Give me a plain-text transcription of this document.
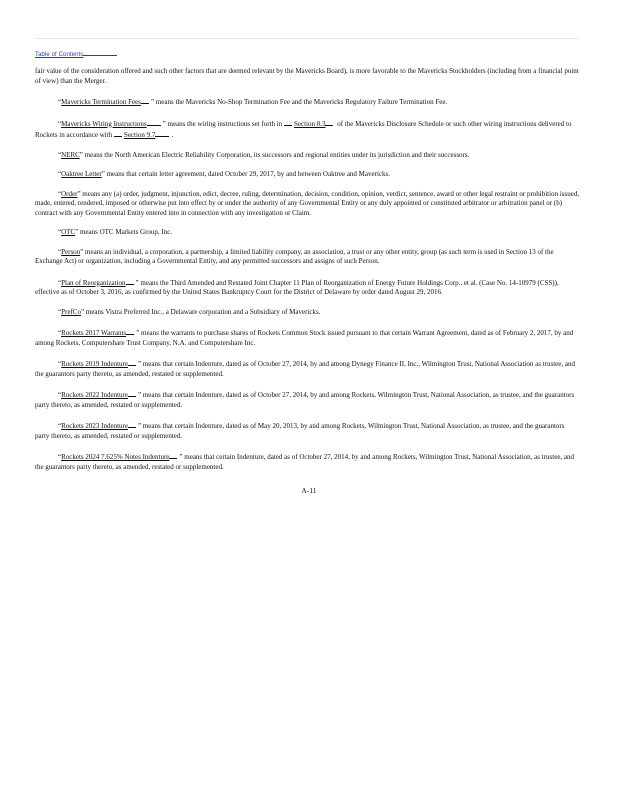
Table of Contents

fair value of the consideration offered and such other factors that are deemed relevant by the Mavericks Board), is more favorable to the Mavericks Stockholders (including from a financial point of view) than the Merger.

“Mavericks Termination Fees ” means the Mavericks No-Shop Termination Fee and the Mavericks Regulatory Failure Termination Fee.

“Mavericks Wiring Instructions ” means the wiring instructions set forth in Section 8.3 of the Mavericks Disclosure Schedule or such other wiring instructions delivered to Rockets in accordance with Section 9.7 .

“NERC” means the North American Electric Reliability Corporation, its successors and regional entities under its jurisdiction and their successors.

“Oaktree Letter” means that certain letter agreement, dated October 29, 2017, by and between Oaktree and Mavericks.

“Order” means any (a) order, judgment, injunction, edict, decree, ruling, determination, decision, condition, opinion, verdict, sentence, award or other legal restraint or prohibition issued, made, entered, rendered, imposed or otherwise put into effect by or under the authority of any Governmental Entity or any duly appointed or constituted arbitrator or arbitration panel or (b) contract with any Governmental Entity entered into in connection with any investigation or Claim.

“OTC” means OTC Markets Group, Inc.

“Person” means an individual, a corporation, a partnership, a limited liability company, an association, a trust or any other entity, group (as such term is used in Section 13 of the Exchange Act) or organization, including a Governmental Entity, and any permitted successors and assigns of such Person.

“Plan of Reorganization ” means the Third Amended and Restated Joint Chapter 11 Plan of Reorganization of Energy Future Holdings Corp., et al. (Case No. 14-10979 (CSS)), effective as of October 3, 2016, as confirmed by the United States Bankruptcy Court for the District of Delaware by order dated August 29, 2016.

“PrefCo” means Vistra Preferred Inc., a Delaware corporation and a Subsidiary of Mavericks.

“Rockets 2017 Warrants ” means the warrants to purchase shares of Rockets Common Stock issued pursuant to that certain Warrant Agreement, dated as of February 2, 2017, by and among Rockets, Computershare Trust Company, N.A. and Computershare Inc.

“Rockets 2019 Indenture ” means that certain Indenture, dated as of October 27, 2014, by and among Dynegy Finance II, Inc., Wilmington Trust, National Association as trustee, and the guarantors party thereto, as amended, restated or supplemented.

“Rockets 2022 Indenture ” means that certain Indenture, dated as of October 27, 2014, by and among Rockets, Wilmington Trust, National Association, as trustee, and the guarantors party thereto, as amended, restated or supplemented.

“Rockets 2023 Indenture ” means that certain Indenture, dated as of May 20, 2013, by and among Rockets, Wilmington Trust, National Association, as trustee, and the guarantors party thereto, as amended, restated or supplemented.

“Rockets 2024 7.625% Notes Indenture ” means that certain Indenture, dated as of October 27, 2014, by and among Rockets, Wilmington Trust, National Association, as trustee, and the guarantors party thereto, as amended, restated or supplemented.

A-11
